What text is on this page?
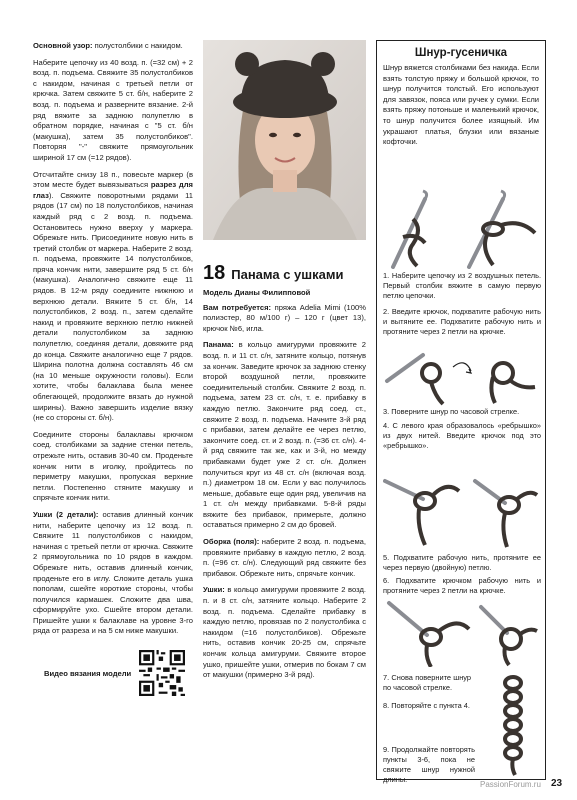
Основной узор: полустолбики с накидом.

Наберите цепочку из 40 возд. п. (=32 см) + 2 возд. п. подъема. Свяжите 35 полустолбиков с накидом, начиная с третьей петли от крючка. Затем свяжите 5 ст. б/н, наберите 2 возд. п. подъема и разверните вязание. 2-й ряд вяжите за заднюю полупетлю в обратном порядке, начиная с "5 ст. б/н (макушка), затем 35 полустолбиков". Повторяя "-" свяжите прямоугольник шириной 17 см (=12 рядов).

Отсчитайте снизу 18 п., повесьте маркер (в этом месте будет вывязываться разрез для глаз). Свяжите поворотными рядами 11 рядов (17 см) по 18 полустолбиков, начиная каждый ряд с 2 возд. п. подъема. Остановитесь нужно вверху у маркера. Обрежьте нить. Присоедините новую нить в третий столбик от маркера. Наберите 2 возд. п. подъема, провяжите 14 полустолбиков, пряча кончик нити, завершите ряд 5 ст. б/н (макушка). Аналогично свяжите еще 11 рядов. В 12-м ряду соедините нижнюю и верхнюю детали. Вяжите 5 ст. б/н, 14 полустолбиков, 2 возд. п., затем сделайте накид и провяжите верхнюю петлю нижней детали полустолбиком за заднюю полупетлю, соединяя детали, довяжите ряд до конца. Свяжите аналогично еще 7 рядов. Ширина полотна должна составлять 46 см (на 10 меньше окружности головы). Если хотите, чтобы балаклава была менее облегающей, продолжите вязать до нужной ширины). Важно завершить изделие вязку (не со стороны ст. б/н).

Соедините стороны балаклавы крючком соед. столбиками за задние стенки петель, отрежьте нить, оставив 30-40 см. Проденьте кончик нити в иголку, пройдитесь по периметру макушки, пропуская верхние петли. Постепенно стяните макушку и спрячьте кончик нити.

Ушки (2 детали): оставив длинный кончик нити, наберите цепочку из 12 возд. п. Свяжите 11 полустолбиков с накидом, начиная с третьей петли от крючка. Свяжите 2 прямоугольника по 10 рядов в каждом. Обрежьте нить, оставив длинный кончик, проденьте его в иглу. Сложите деталь ушка пополам, сшейте короткие стороны, чтобы получился кармашек. Сложите два шва, сформируйте ухо. Сшейте втором детали. Пришейте ушки к балаклаве на уровне 3-го ряда от разреза и на 5 см ниже макушки.

Видео вязания модели
18 Панама с ушками
Модель Дианы Филипповой

Вам потребуется: пряжа Adelia Mimi (100% полиэстер, 80 м/100 г) – 120 г (цвет 13), крючок №6, игла.

Панама: в кольцо амигуруми провяжите 2 возд. п. и 11 ст. с/н, затяните кольцо, потянув за кончик. Заведите крючок за заднюю стенку второй воздушной петли, провяжите соединительный столбик. Свяжите 2 возд. п. подъема, затем 23 ст. с/н, т. е. прибавку в каждую петлю. Закончите ряд соед. ст., свяжите 2 возд. п. подъема. Начните 3-й ряд с прибавки, затем делайте ее через петлю, закончите соед. ст. и 2 возд. п. (=36 ст. с/н). 4-й ряд свяжите так же, как и 3-й, но между прибавками будет уже 2 ст. с/н. Должен получиться круг из 48 ст. с/н (включая возд. п.) диаметром 18 см. Если у вас получилось меньше, добавьте еще один ряд, увеличив на 1 ст. с/н между прибавками. 5-8-й ряды вяжите без прибавок, примерьте, должно оставаться примерно 2 см до бровей.

Оборка (поля): наберите 2 возд. п. подъема, провяжите прибавку в каждую петлю, 2 возд. п. (=96 ст. с/н). Следующий ряд свяжите без прибавок. Обрежьте нить, спрячьте кончик.

Ушки: в кольцо амигуруми провяжите 2 возд. п. и 8 ст. с/н, затяните кольцо. Наберите 2 возд. п. подъема. Сделайте прибавку в каждую петлю, провязав по 2 полустолбика с накидом (=16 полустолбиков). Обрежьте нить, оставив кончик 20-25 см, спрячьте кончик кольца амигуруми. Свяжите второе ушко, пришейте ушки, отмерив по бокам 7 см от макушки (примерно 3-й ряд).

Шнур-гусеничка
Шнур вяжется столбиками без накида. Если взять толстую пряжу и большой крючок, то шнур получится толстый. Его используют для завязок, пояса или ручек у сумки. Если взять пряжу потоньше и маленький крючок, то шнур получится более изящный. Им украшают платья, блузки или вязаные кофточки.
1. Наберите цепочку из 2 воздушных петель. Первый столбик вяжите в самую первую петлю цепочки.
2. Введите крючок, подхватите рабочую нить и вытяните ее. Подхватите рабочую нить и протяните через 2 петли на крючке.
3. Поверните шнур по часовой стрелке.
4. С левого края образовалось «ребрышко» из двух нитей. Введите крючок под это «ребрышко».
5. Подхватите рабочую нить, протяните ее через первую (двойную) петлю.
6. Подхватите крючком рабочую нить и протяните через 2 петли на крючке.
7. Снова поверните шнур по часовой стрелке.
8. Повторяйте с пункта 4.
9. Продолжайте повторять пункты 3-6, пока не свяжите шнур нужной длины.
PassionForum.ru 23
